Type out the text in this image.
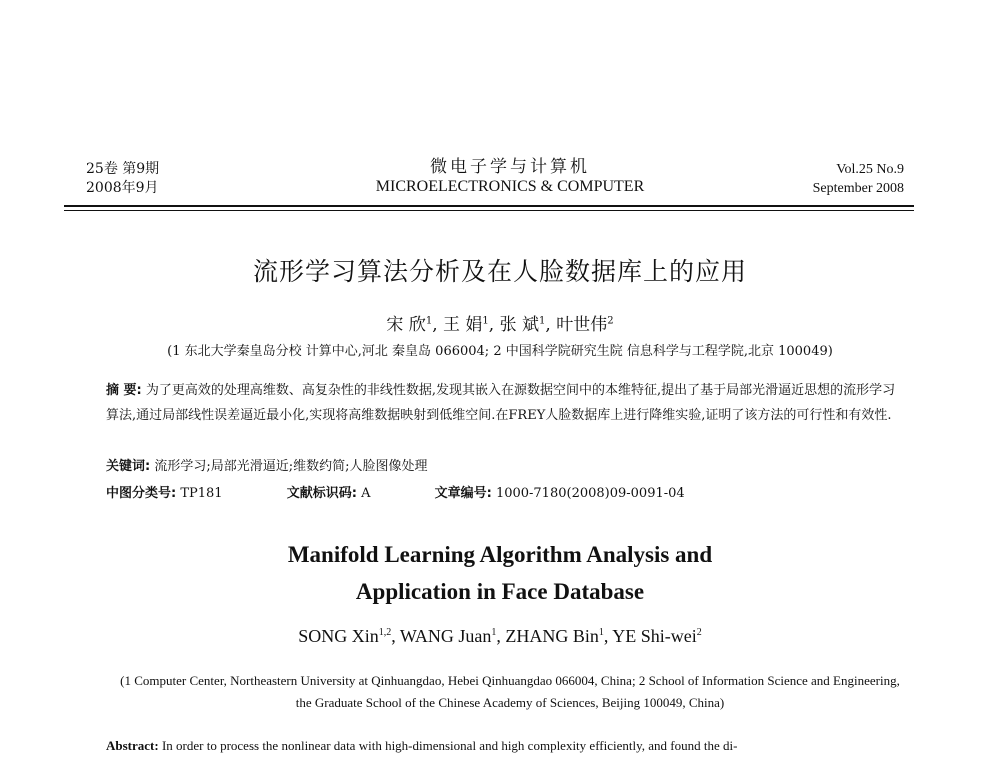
25卷 第9期
2008年9月
微电子学与计算机
MICROELECTRONICS & COMPUTER
Vol.25 No.9
September 2008
流形学习算法分析及在人脸数据库上的应用
宋 欣$^1$, 王 娟$^1$, 张 斌$^1$, 叶世伟$^2$
(1 东北大学秦皇岛分校 计算中心,河北 秦皇岛 066004; 2 中国科学院研究生院 信息科学与工程学院,北京 100049)
摘 要: 为了更高效的处理高维数、高复杂性的非线性数据,发现其嵌入在源数据空间中的本维特征,提出了基于局部光滑逼近思想的流形学习算法,通过局部线性误差逼近最小化,实现将高维数据映射到低维空间.在FREY人脸数据库上进行降维实验,证明了该方法的可行性和有效性.
关键词: 流形学习;局部光滑逼近;维数约简;人脸图像处理
中图分类号: TP181	文献标识码: A	文章编号: 1000-7180(2008)09-0091-04
Manifold Learning Algorithm Analysis and
Application in Face Database
SONG Xin$^{1,2}$, WANG Juan$^1$, ZHANG Bin$^1$, YE Shi-wei$^2$
(1 Computer Center, Northeastern University at Qinhuangdao, Hebei Qinhuangdao 066004, China; 2 School of Information Science and Engineering, the Graduate School of the Chinese Academy of Sciences, Beijing 100049, China)
Abstract: In order to process the nonlinear data with high-dimensional and high complexity efficiently, and found the di-
